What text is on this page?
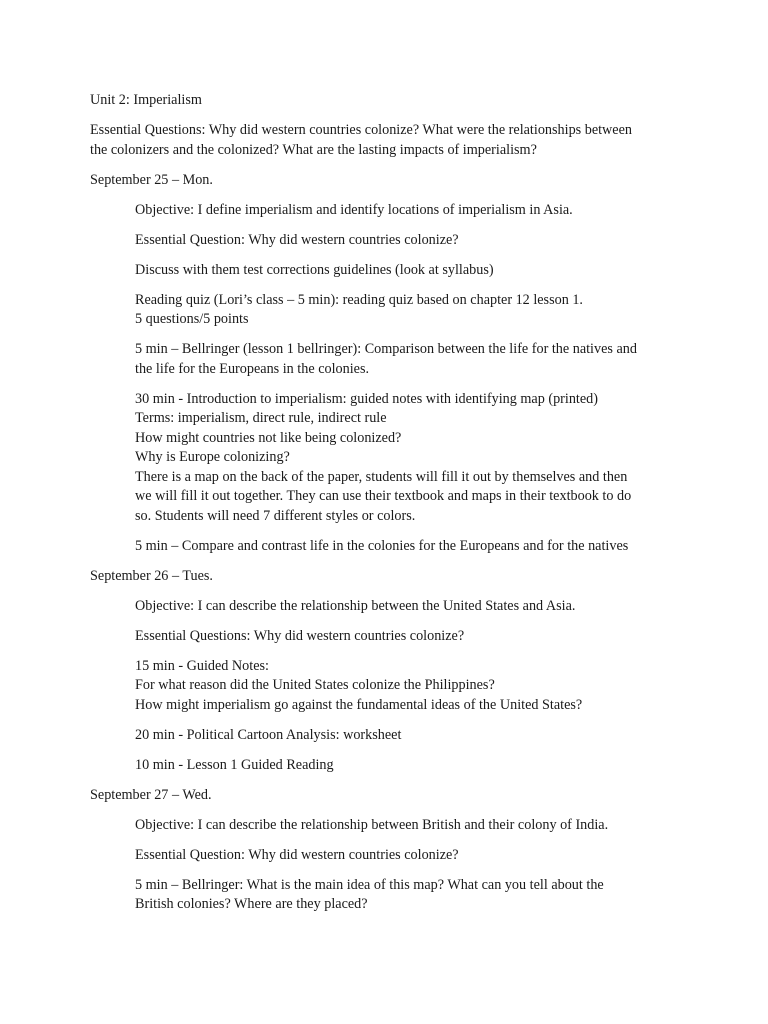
Unit 2: Imperialism
Essential Questions: Why did western countries colonize? What were the relationships between
the colonizers and the colonized? What are the lasting impacts of imperialism?
September 25 – Mon.
Objective: I define imperialism and identify locations of imperialism in Asia.
Essential Question: Why did western countries colonize?
Discuss with them test corrections guidelines (look at syllabus)
Reading quiz (Lori’s class – 5 min): reading quiz based on chapter 12 lesson 1.
5 questions/5 points
5 min – Bellringer (lesson 1 bellringer): Comparison between the life for the natives and
the life for the Europeans in the colonies.
30 min - Introduction to imperialism: guided notes with identifying map (printed)
Terms: imperialism, direct rule, indirect rule
How might countries not like being colonized?
Why is Europe colonizing?
There is a map on the back of the paper, students will fill it out by themselves and then
we will fill it out together. They can use their textbook and maps in their textbook to do
so. Students will need 7 different styles or colors.
5 min – Compare and contrast life in the colonies for the Europeans and for the natives
September 26 – Tues.
Objective: I can describe the relationship between the United States and Asia.
Essential Questions: Why did western countries colonize?
15 min - Guided Notes:
For what reason did the United States colonize the Philippines?
How might imperialism go against the fundamental ideas of the United States?
20 min - Political Cartoon Analysis: worksheet
10 min - Lesson 1 Guided Reading
September 27 – Wed.
Objective: I can describe the relationship between British and their colony of India.
Essential Question: Why did western countries colonize?
5 min – Bellringer: What is the main idea of this map? What can you tell about the
British colonies? Where are they placed?
